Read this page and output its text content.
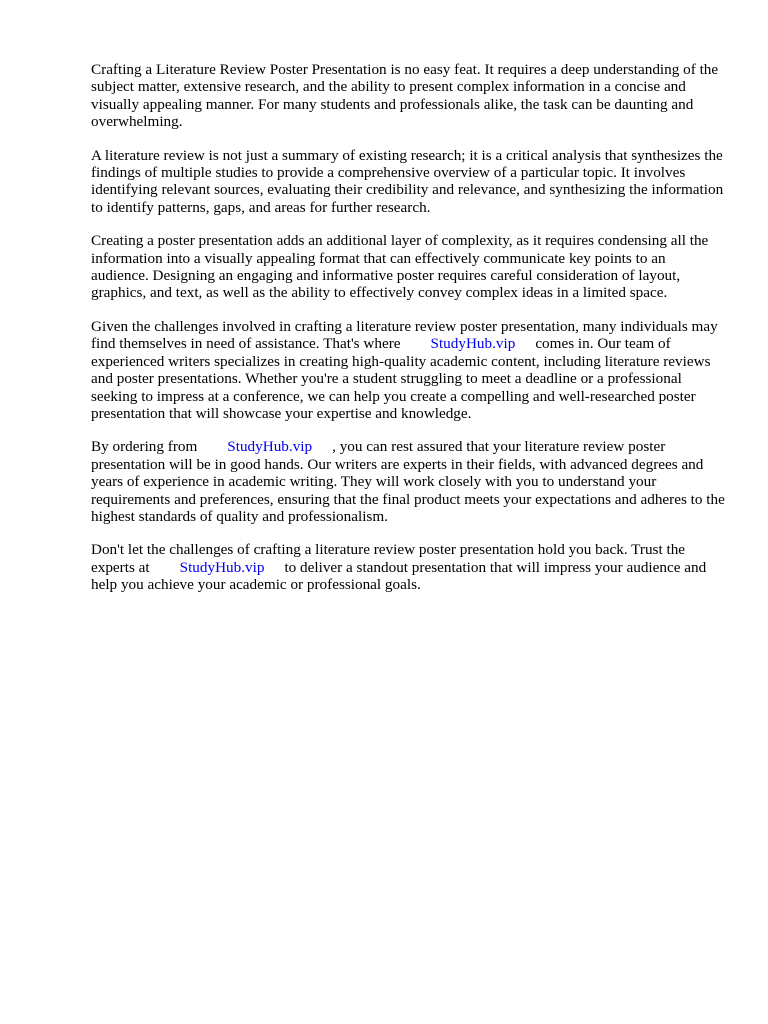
Crafting a Literature Review Poster Presentation is no easy feat. It requires a deep understanding of the subject matter, extensive research, and the ability to present complex information in a concise and visually appealing manner. For many students and professionals alike, the task can be daunting and overwhelming.

A literature review is not just a summary of existing research; it is a critical analysis that synthesizes the findings of multiple studies to provide a comprehensive overview of a particular topic. It involves identifying relevant sources, evaluating their credibility and relevance, and synthesizing the information to identify patterns, gaps, and areas for further research.

Creating a poster presentation adds an additional layer of complexity, as it requires condensing all the information into a visually appealing format that can effectively communicate key points to an audience. Designing an engaging and informative poster requires careful consideration of layout, graphics, and text, as well as the ability to effectively convey complex ideas in a limited space.

Given the challenges involved in crafting a literature review poster presentation, many individuals may find themselves in need of assistance. That's where StudyHub.vip comes in. Our team of experienced writers specializes in creating high-quality academic content, including literature reviews and poster presentations. Whether you're a student struggling to meet a deadline or a professional seeking to impress at a conference, we can help you create a compelling and well-researched poster presentation that will showcase your expertise and knowledge.

By ordering from StudyHub.vip , you can rest assured that your literature review poster presentation will be in good hands. Our writers are experts in their fields, with advanced degrees and years of experience in academic writing. They will work closely with you to understand your requirements and preferences, ensuring that the final product meets your expectations and adheres to the highest standards of quality and professionalism.

Don't let the challenges of crafting a literature review poster presentation hold you back. Trust the experts at StudyHub.vip to deliver a standout presentation that will impress your audience and help you achieve your academic or professional goals.
